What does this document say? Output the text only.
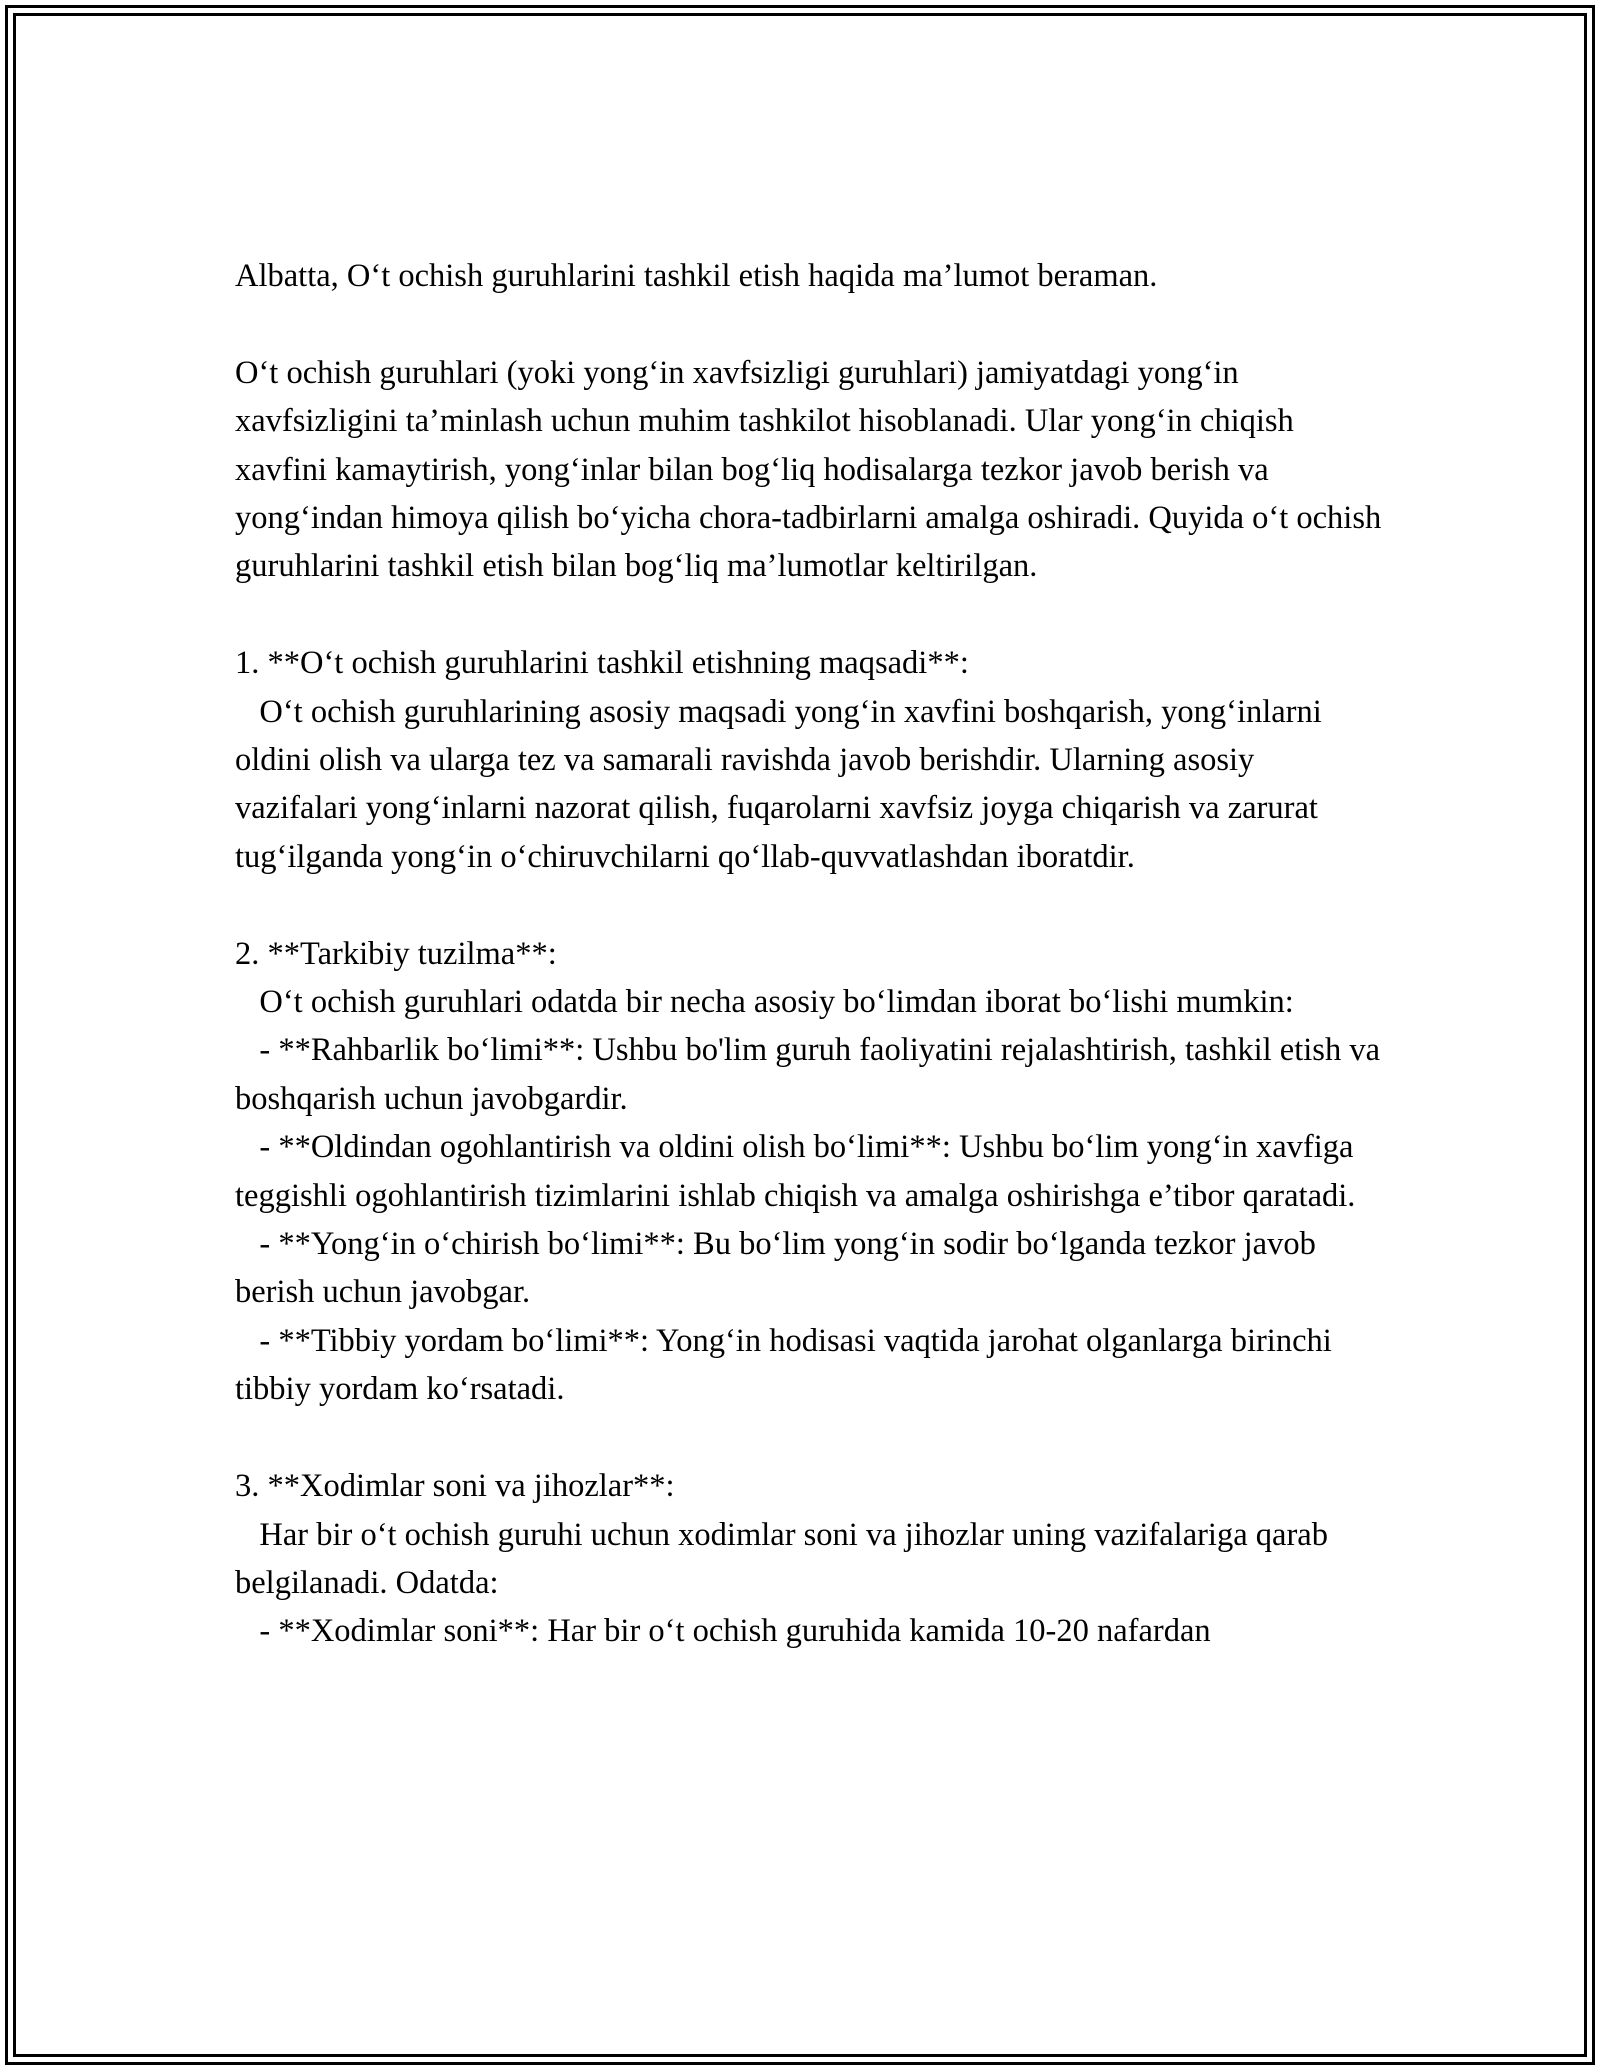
Albatta, O‘t ochish guruhlarini tashkil etish haqida ma’lumot beraman.

O‘t ochish guruhlari (yoki yong‘in xavfsizligi guruhlari) jamiyatdagi yong‘in xavfsizligini ta’minlash uchun muhim tashkilot hisoblanadi. Ular yong‘in chiqish xavfini kamaytirish, yong‘inlar bilan bog‘liq hodisalarga tezkor javob berish va yong‘indan himoya qilish bo‘yicha chora-tadbirlarni amalga oshiradi. Quyida o‘t ochish guruhlarini tashkil etish bilan bog‘liq ma’lumotlar keltirilgan.

1. **O‘t ochish guruhlarini tashkil etishning maqsadi**:

O‘t ochish guruhlarining asosiy maqsadi yong‘in xavfini boshqarish, yong‘inlarni oldini olish va ularga tez va samarali ravishda javob berishdir. Ularning asosiy vazifalari yong‘inlarni nazorat qilish, fuqarolarni xavfsiz joyga chiqarish va zarurat tug‘ilganda yong‘in o‘chiruvchilarni qo‘llab-quvvatlashdan iboratdir.

2. **Tarkibiy tuzilma**:

O‘t ochish guruhlari odatda bir necha asosiy bo‘limdan iborat bo‘lishi mumkin:

- **Rahbarlik bo‘limi**: Ushbu bo'lim guruh faoliyatini rejalashtirish, tashkil etish va boshqarish uchun javobgardir.

- **Oldindan ogohlantirish va oldini olish bo‘limi**: Ushbu bo‘lim yong‘in xavfiga teggishli ogohlantirish tizimlarini ishlab chiqish va amalga oshirishga e’tibor qaratadi.

- **Yong‘in o‘chirish bo‘limi**: Bu bo‘lim yong‘in sodir bo‘lganda tezkor javob berish uchun javobgar.

- **Tibbiy yordam bo‘limi**: Yong‘in hodisasi vaqtida jarohat olganlarga birinchi tibbiy yordam ko‘rsatadi.

3. **Xodimlar soni va jihozlar**:

Har bir o‘t ochish guruhi uchun xodimlar soni va jihozlar uning vazifalariga qarab belgilanadi. Odatda:

- **Xodimlar soni**: Har bir o‘t ochish guruhida kamida 10-20 nafardan
